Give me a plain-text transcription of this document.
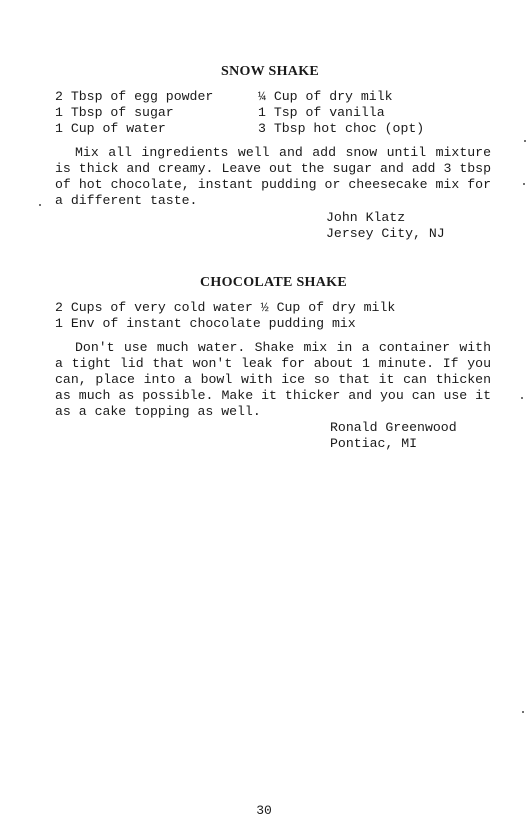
SNOW SHAKE
2 Tbsp of egg powder
1 Tbsp of sugar
1 Cup of water
¼ Cup of dry milk
1 Tsp of vanilla
3 Tbsp hot choc (opt)

Mix all ingredients well and add snow until mixture is thick and creamy. Leave out the sugar and add 3 tbsp of hot chocolate, instant pudding or cheesecake mix for a different taste.

John Klatz
Jersey City, NJ
CHOCOLATE SHAKE
2 Cups of very cold water ½ Cup of dry milk
1 Env of instant chocolate pudding mix

Don't use much water. Shake mix in a container with a tight lid that won't leak for about 1 minute. If you can, place into a bowl with ice so that it can thicken as much as possible. Make it thicker and you can use it as a cake topping as well.

Ronald Greenwood
Pontiac, MI
30
